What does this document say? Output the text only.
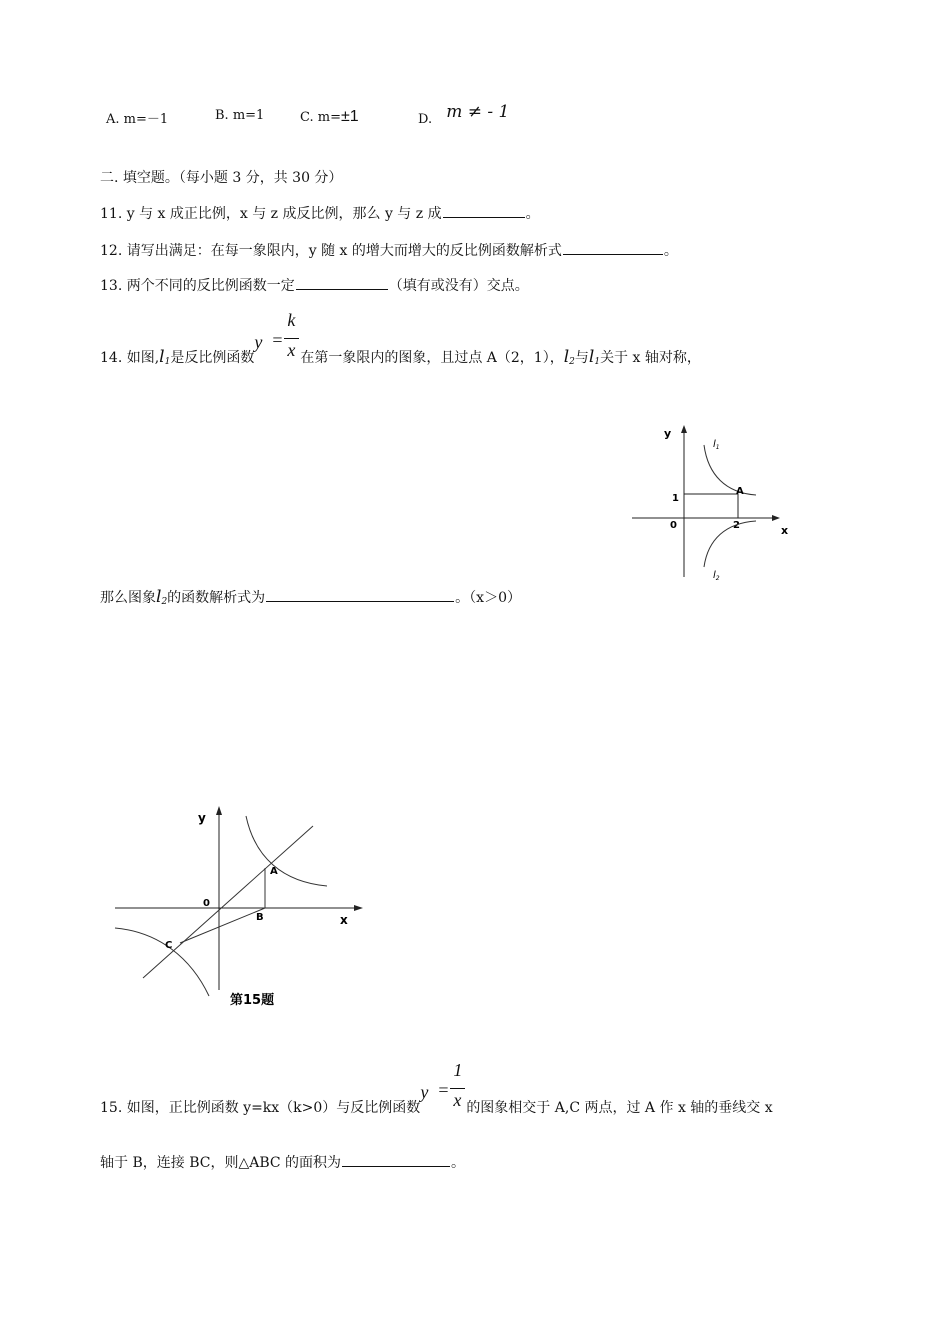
A. m=－1	B. m=1	C. m=±1	D. m ≠ - 1
二. 填空题。（每小题 3 分，共 30 分）
11. y 与 x 成正比例，x 与 z 成反比例，那么 y 与 z 成	。
12. 请写出满足：在每一象限内，y 随 x 的增大而增大的反比例函数解析式	。
13. 两个不同的反比例函数一定	（填有或没有）交点。
14. 如图$,l_1$是反比例函数
y =
k
x 在第一象限内的图象，且过点 A（2，1），$l_2$与$l_1$关于 x 轴对称，
那么图象$l_2$的函数解析式为	。（x＞0）
y
x
0
1
2
A
$l_1$
$l_2$
y
x
0
A
B
C
第15题
15. 如图，正比例函数 y=kx（k>0）与反比例函数
y =
1
x 的图象相交于 A,C 两点，过 A 作 x 轴的垂线交 x
轴于 B，连接 BC，则△ABC 的面积为	。
